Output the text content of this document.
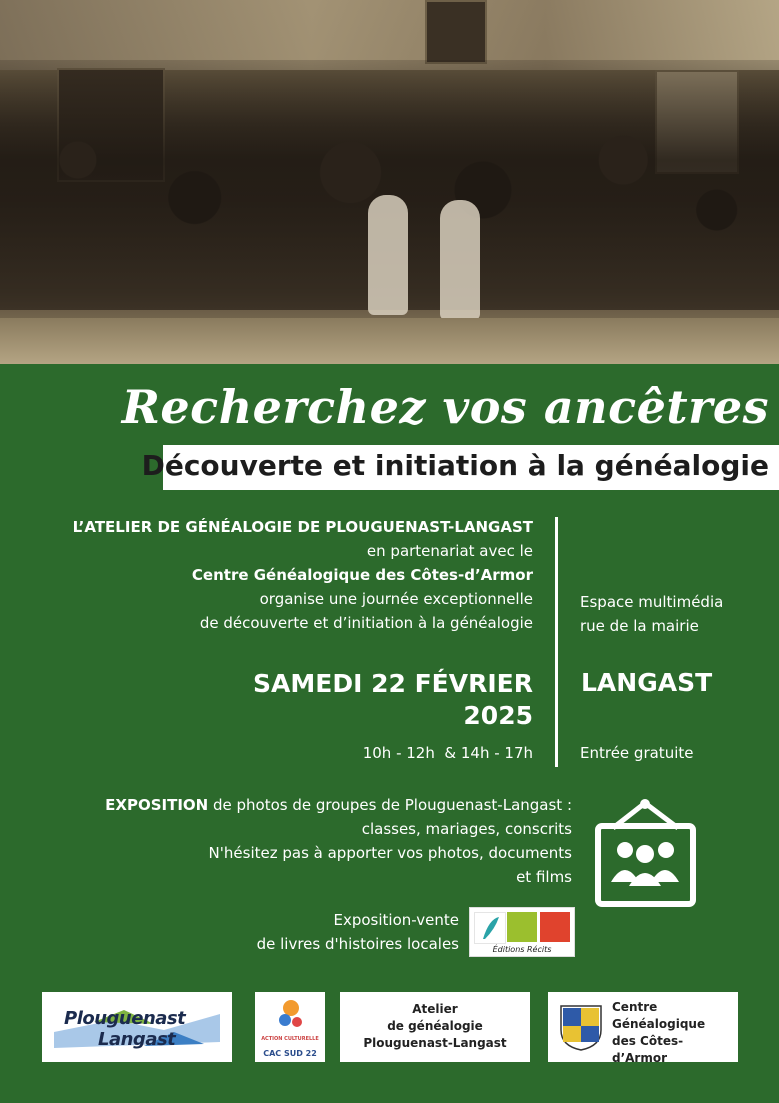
Recherchez vos ancêtres
Découverte et initiation à la généalogie
L’ATELIER DE GÉNÉALOGIE DE PLOUGUENAST-LANGAST
en partenariat avec le
Centre Généalogique des Côtes-d’Armor
organise une journée exceptionnelle
de découverte et d’initiation à la généalogie
Espace multimédia
rue de la mairie
SAMEDI 22 FÉVRIER
2025
LANGAST
10h - 12h  & 14h - 17h	Entrée gratuite
EXPOSITION de photos de groupes de Plouguenast-Langast :
classes, mariages, conscrits
N'hésitez pas à apporter vos photos, documents
et films
Exposition-vente
de livres d'histoires locales	Éditions Récits
Plouguenast
Langast	ACTION CULTURELLE
CAC SUD 22
Atelier
de généalogie
Plouguenast-Langast
Centre
Généalogique
des Côtes-d’Armor
